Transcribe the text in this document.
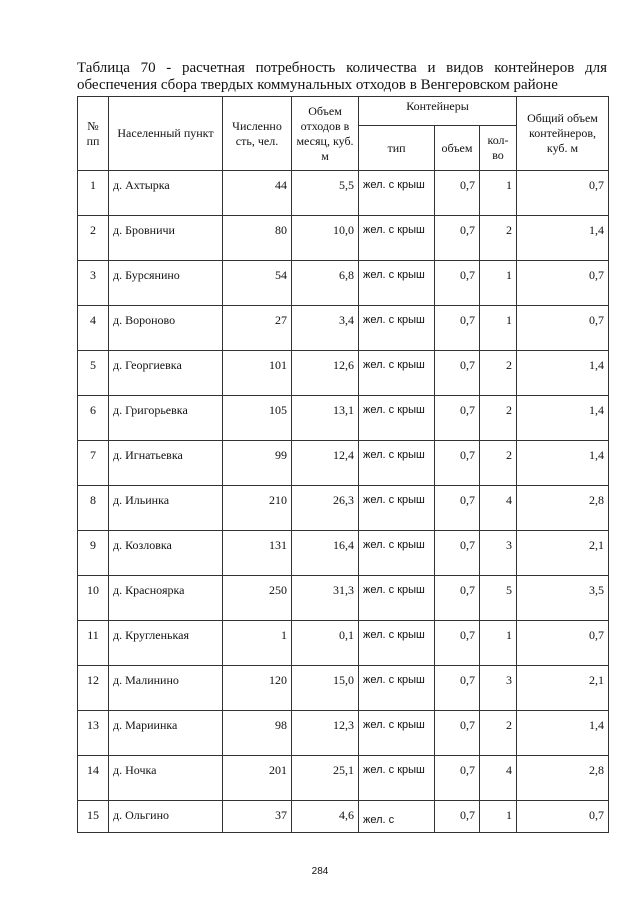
Таблица 70 - расчетная потребность количества и видов контейнеров для
обеспечения сбора твердых коммунальных отходов в Венгеровском районе
№ пп	Населенный пункт	Численно сть, чел.	Объем отходов в месяц, куб. м	Контейнеры			Общий объем контейнеров, куб. м
				тип	объем	кол-во	
1	д. Ахтырка	44	5,5	жел. с крыш	0,7	1	0,7
2	д. Бровничи	80	10,0	жел. с крыш	0,7	2	1,4
3	д. Бурсянино	54	6,8	жел. с крыш	0,7	1	0,7
4	д. Вороново	27	3,4	жел. с крыш	0,7	1	0,7
5	д. Георгиевка	101	12,6	жел. с крыш	0,7	2	1,4
6	д. Григорьевка	105	13,1	жел. с крыш	0,7	2	1,4
7	д. Игнатьевка	99	12,4	жел. с крыш	0,7	2	1,4
8	д. Ильинка	210	26,3	жел. с крыш	0,7	4	2,8
9	д. Козловка	131	16,4	жел. с крыш	0,7	3	2,1
10	д. Красноярка	250	31,3	жел. с крыш	0,7	5	3,5
11	д. Кругленькая	1	0,1	жел. с крыш	0,7	1	0,7
12	д. Малинино	120	15,0	жел. с крыш	0,7	3	2,1
13	д. Мариинка	98	12,3	жел. с крыш	0,7	2	1,4
14	д. Ночка	201	25,1	жел. с крыш	0,7	4	2,8
15	д. Ольгино	37	4,6	жел. с	0,7	1	0,7
284
